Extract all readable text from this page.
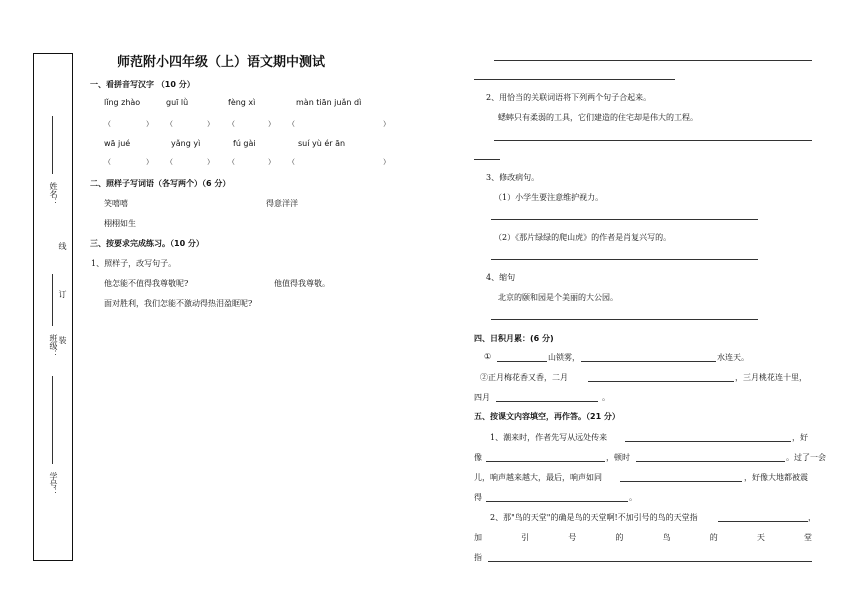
姓名：
班级：
学号：
线
订
装
师范附小四年级（上）语文期中测试
一、看拼音写汉字 （10 分）
lǐng zhào	guī lǜ	fèng xì	màn tiān juǎn dì
（	） （	） （	） （	）
wā jué	yǎng yì	fú gài	suí yù ér ān
（	） （	） （	） （	）
二、照样子写词语（各写两个）（6 分）
笑嘻嘻	得意洋洋
栩栩如生
三、按要求完成练习。（10 分）
1、照样子，改写句子。
他怎能不值得我尊敬呢?	他值得我尊敬。
面对胜利，我们怎能不激动得热泪盈眶呢?
2、用恰当的关联词语将下列两个句子合起来。
蟋蟀只有柔弱的工具，它们建造的住宅却是伟大的工程。
3、修改病句。
（1）小学生要注意维护视力。
（2）《那片绿绿的爬山虎》的作者是肖复兴写的。
4、缩句
北京的颐和园是个美丽的大公园。
四、日积月累：(6 分)
①	山锁雾，	水连天。
②正月梅花香又香，二月	，三月桃花连十里，
四月	。
五、按课文内容填空，再作答。（21 分）
1、潮来时，作者先写从远处传来	，好
像	，顿时	。过了一会
儿，响声越来越大，最后，响声如同	，好像大地都被震
得	。
2、那"鸟的天堂"的确是鸟的天堂啊!不加引号的鸟的天堂指	，
加	引	号	的	鸟	的	天	堂
指
